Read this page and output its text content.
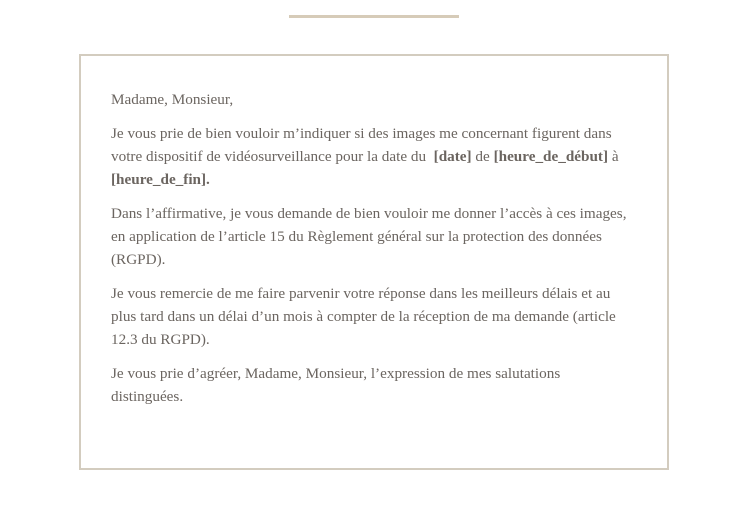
Madame, Monsieur,

Je vous prie de bien vouloir m’indiquer si des images me concernant figurent dans votre dispositif de vidéosurveillance pour la date du  [date] de [heure_de_début] à [heure_de_fin].

Dans l’affirmative, je vous demande de bien vouloir me donner l’accès à ces images, en application de l’article 15 du Règlement général sur la protection des données (RGPD).

Je vous remercie de me faire parvenir votre réponse dans les meilleurs délais et au plus tard dans un délai d’un mois à compter de la réception de ma demande (article 12.3 du RGPD).

Je vous prie d’agréer, Madame, Monsieur, l’expression de mes salutations distinguées.
